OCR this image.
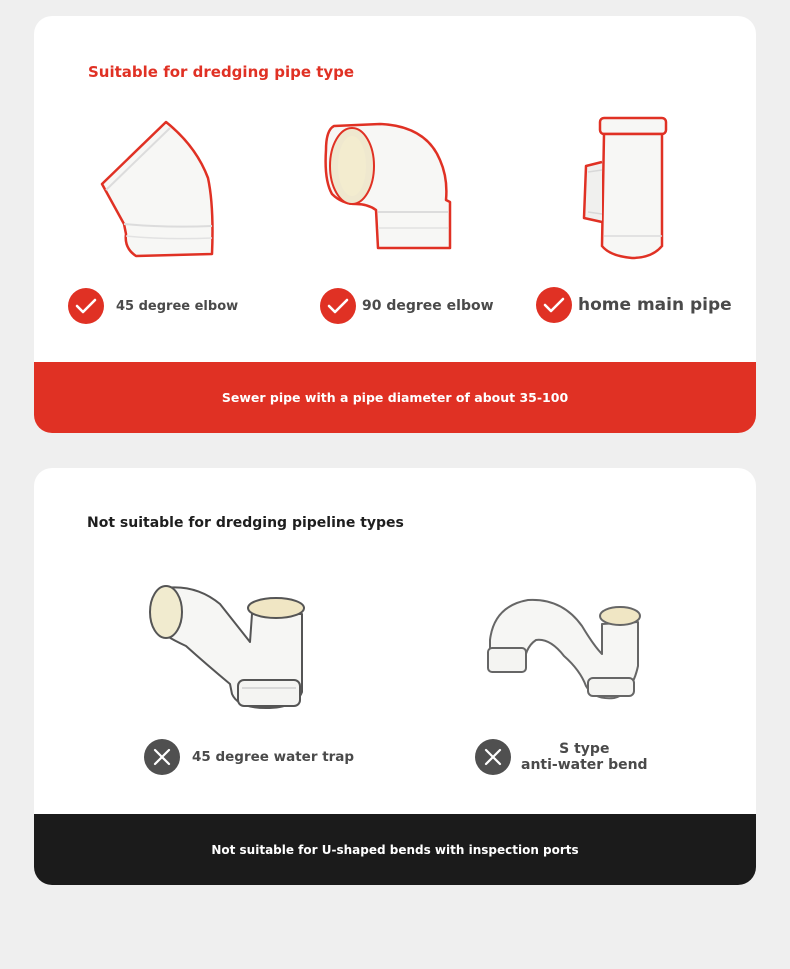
Suitable for dredging pipe type
45 degree elbow	90 degree elbow	home main pipe
Sewer pipe with a pipe diameter of about 35-100
Not suitable for dredging pipeline types
45 degree water trap	S type
anti-water bend
Not suitable for U-shaped bends with inspection ports
